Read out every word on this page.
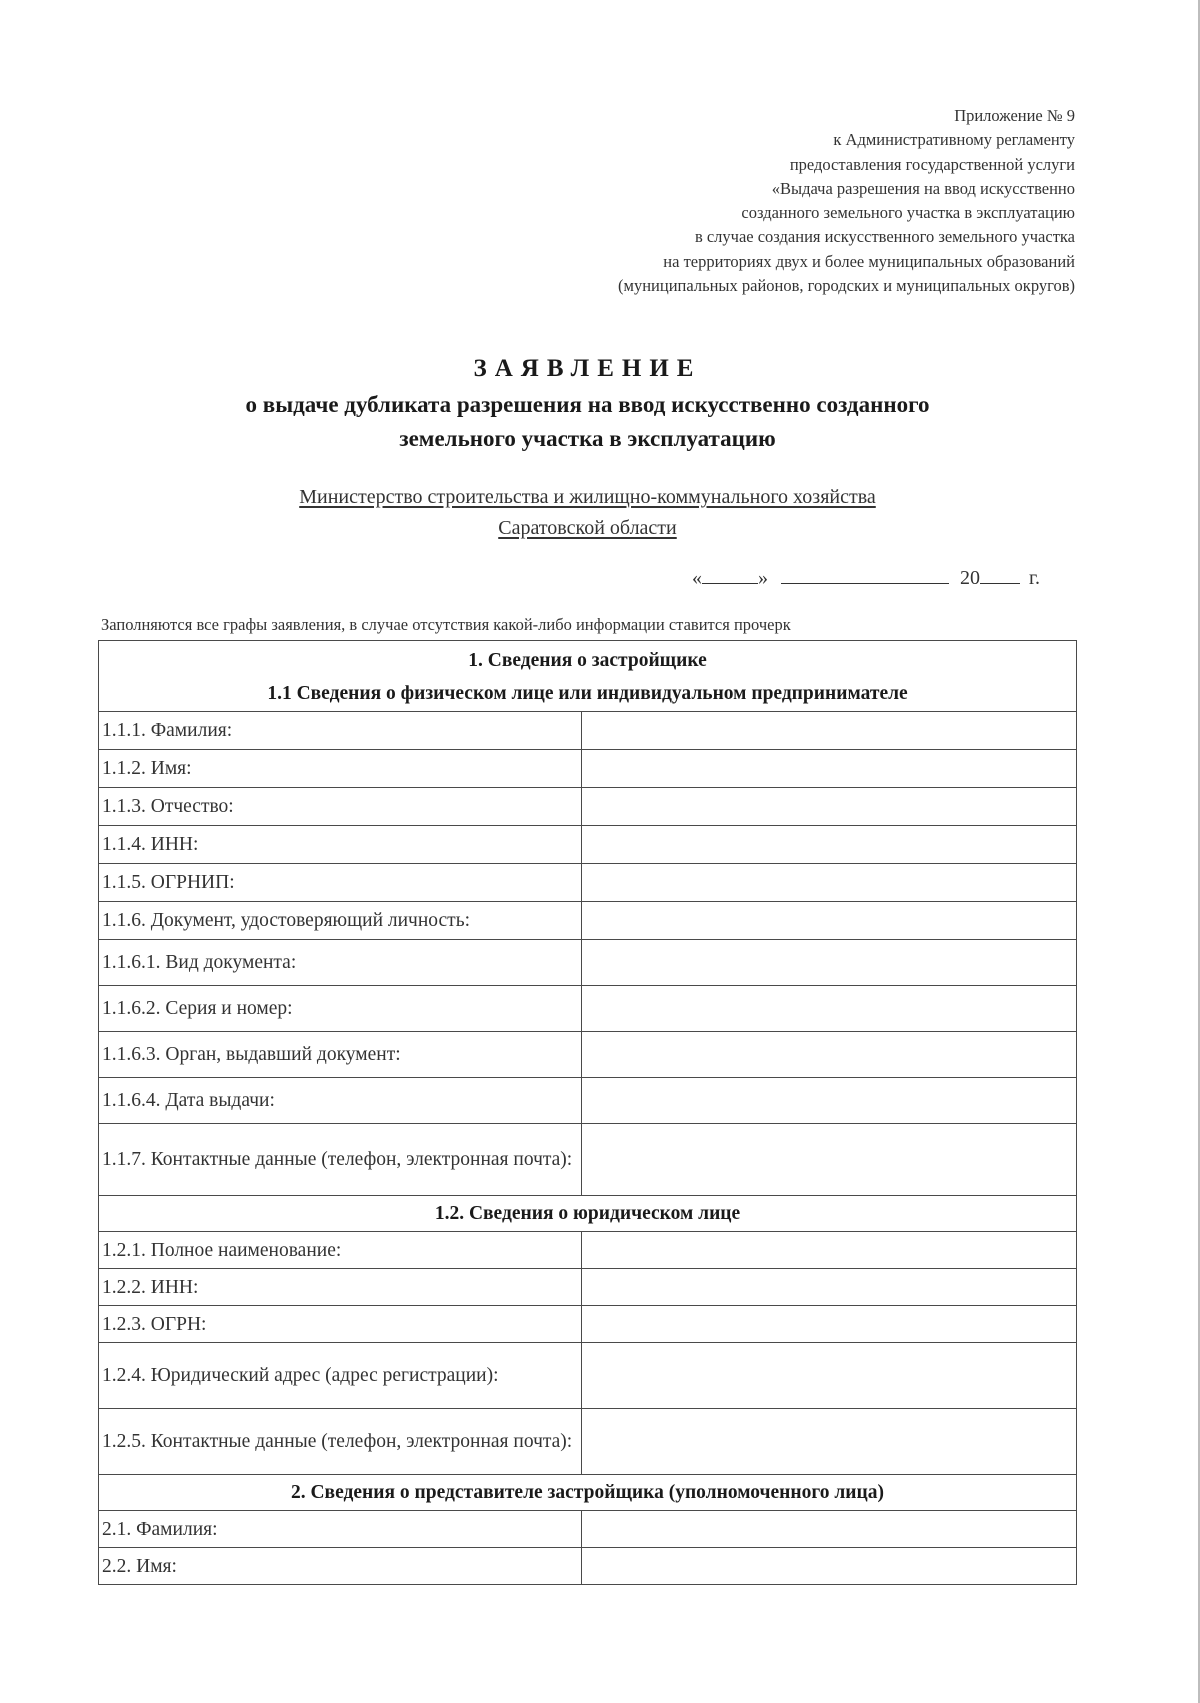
Приложение № 9
к Административному регламенту
предоставления государственной услуги
«Выдача разрешения на ввод искусственно
созданного земельного участка в эксплуатацию
в случае создания искусственного земельного участка
на территориях двух и более муниципальных образований
(муниципальных районов, городских и муниципальных округов)
ЗАЯВЛЕНИЕ
о выдаче дубликата разрешения на ввод искусственно созданного
земельного участка в эксплуатацию
Министерство строительства и жилищно-коммунального хозяйства
Саратовской области
«	»	20 г.
Заполняются все графы заявления, в случае отсутствия какой-либо информации ставится прочерк
1. Сведения о застройщике	
1.1 Сведения о физическом лице или индивидуальном предпринимателе	
1.1.1. Фамилия:	
1.1.2. Имя:	
1.1.3. Отчество:	
1.1.4. ИНН:	
1.1.5. ОГРНИП:	
1.1.6. Документ, удостоверяющий личность:	
1.1.6.1. Вид документа:	
1.1.6.2. Серия и номер:	
1.1.6.3. Орган, выдавший документ:	
1.1.6.4. Дата выдачи:	
1.1.7. Контактные данные (телефон, электронная почта):	
1.2. Сведения о юридическом лице	
1.2.1. Полное наименование:	
1.2.2. ИНН:	
1.2.3. ОГРН:	
1.2.4. Юридический адрес (адрес регистрации):	
1.2.5. Контактные данные (телефон, электронная почта):	
2. Сведения о представителе застройщика (уполномоченного лица)	
2.1. Фамилия:	
2.2. Имя:	
